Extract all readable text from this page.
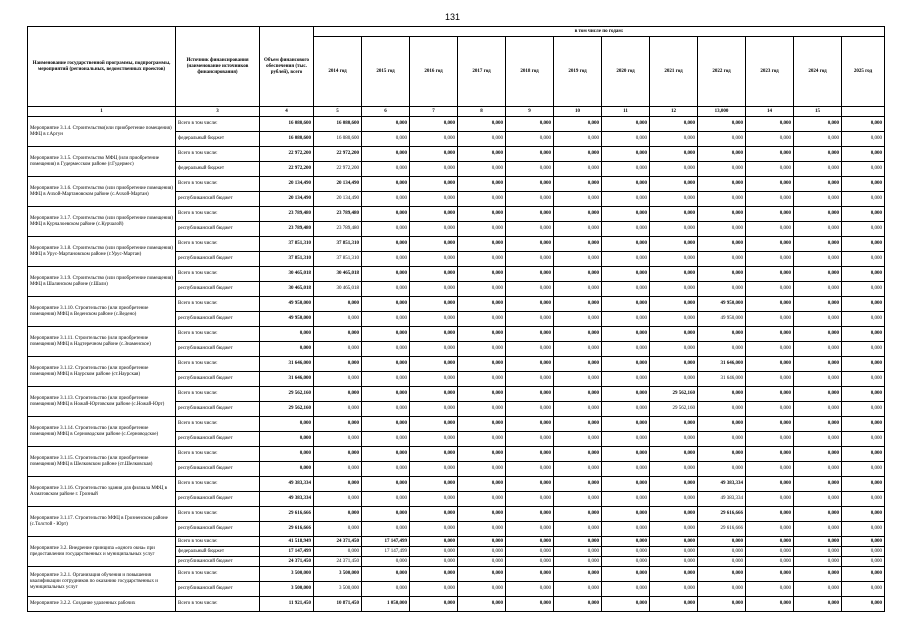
131
Наименование государственной программы, подпрограммы, мероприятий (региональных, ведомственных проектов)	Источник финансирования (наименование источников финансирования)	Объем финансового обеспечения (тыс. рублей), всего	в том числе по годам:											
			2014 год	2015 год	2016 год	2017 год	2018 год	2019 год	2020 год	2021 год	2022 год	2023 год	2024 год	2025 год
1	3	4	5	6	7	8	9	10	11	12	13,000	14	15	
Мероприятие 3.1.4. Строительство(или приобретение помещения) МФЦ в г.Аргун	Всего в том числе:	16 080,600	16 080,600	0,000	0,000	0,000	0,000	0,000	0,000	0,000	0,000	0,000	0,000	0,000
	федеральный бюджет	16 080,600	16 080,600	0,000	0,000	0,000	0,000	0,000	0,000	0,000	0,000	0,000	0,000	0,000
Мероприятие 3.1.5. Строительство МФЦ (или приобретение помещения) в Гудермесском районе (г.Гудермес)	Всего в том числе:	22 972,200	22 972,200	0,000	0,000	0,000	0,000	0,000	0,000	0,000	0,000	0,000	0,000	0,000
	федеральный бюджет	22 972,200	22 972,200	0,000	0,000	0,000	0,000	0,000	0,000	0,000	0,000	0,000	0,000	0,000
Мероприятие 3.1.6. Строительство (или приобретение помещения) МФЦ в Ачхой-Мартановском районе (с.Ачхой-Мартан)	Всего в том числе:	20 134,490	20 134,490	0,000	0,000	0,000	0,000	0,000	0,000	0,000	0,000	0,000	0,000	0,000
	республиканский бюджет	20 134,490	20 134,490	0,000	0,000	0,000	0,000	0,000	0,000	0,000	0,000	0,000	0,000	0,000
Мероприятие 3.1.7. Строительство (или приобретение помещения) МФЦ в Курчалоевском районе (с.Курчалой)	Всего в том числе:	23 789,480	23 789,480	0,000	0,000	0,000	0,000	0,000	0,000	0,000	0,000	0,000	0,000	0,000
	республиканский бюджет	23 789,480	23 789,480	0,000	0,000	0,000	0,000	0,000	0,000	0,000	0,000	0,000	0,000	0,000
Мероприятие 3.1.8. Строительство (или приобретение помещения) МФЦ в Урус-Мартановском районе (г.Урус-Мартан)	Всего в том числе:	37 851,310	37 851,310	0,000	0,000	0,000	0,000	0,000	0,000	0,000	0,000	0,000	0,000	0,000
	республиканский бюджет	37 851,310	37 851,310	0,000	0,000	0,000	0,000	0,000	0,000	0,000	0,000	0,000	0,000	0,000
Мероприятие 3.1.9. Строительство (или приобретение помещения) МФЦ в Шалинском районе (г.Шали)	Всего в том числе:	30 465,018	30 465,018	0,000	0,000	0,000	0,000	0,000	0,000	0,000	0,000	0,000	0,000	0,000
	республиканский бюджет	30 465,018	30 465,018	0,000	0,000	0,000	0,000	0,000	0,000	0,000	0,000	0,000	0,000	0,000
Мероприятие 3.1.10. Строительство (или приобретение помещения) МФЦ в Веденском районе (с.Ведено)	Всего в том числе:	49 950,000	0,000	0,000	0,000	0,000	0,000	0,000	0,000	0,000	49 950,000	0,000	0,000	0,000
	республиканский бюджет	49 950,000	0,000	0,000	0,000	0,000	0,000	0,000	0,000	0,000	49 950,000	0,000	0,000	0,000
Мероприятие 3.1.11. Строительство (или приобретение помещения) МФЦ в Надтеречном районе (с.Знаменское)	Всего в том числе:	0,000	0,000	0,000	0,000	0,000	0,000	0,000	0,000	0,000	0,000	0,000	0,000	0,000
	республиканский бюджет	0,000	0,000	0,000	0,000	0,000	0,000	0,000	0,000	0,000	0,000	0,000	0,000	0,000
Мероприятие 3.1.12. Строительство (или приобретение помещения) МФЦ в Наурском районе (ст.Наурская)	Всего в том числе:	31 646,000	0,000	0,000	0,000	0,000	0,000	0,000	0,000	0,000	31 646,000	0,000	0,000	0,000
	республиканский бюджет	31 646,000	0,000	0,000	0,000	0,000	0,000	0,000	0,000	0,000	31 646,000	0,000	0,000	0,000
Мероприятие 3.1.13. Строительство (или приобретение помещения) МФЦ в Ножай-Юртовском районе (с.Ножай-Юрт)	Всего в том числе:	29 562,160	0,000	0,000	0,000	0,000	0,000	0,000	0,000	29 562,160	0,000	0,000	0,000	0,000
	республиканский бюджет	29 562,160	0,000	0,000	0,000	0,000	0,000	0,000	0,000	29 562,160	0,000	0,000	0,000	0,000
Мероприятие 3.1.14. Строительство (или приобретение помещения) МФЦ в Серноводском районе (с.Серноводское)	Всего в том числе:	0,000	0,000	0,000	0,000	0,000	0,000	0,000	0,000	0,000	0,000	0,000	0,000	0,000
	республиканский бюджет	0,000	0,000	0,000	0,000	0,000	0,000	0,000	0,000	0,000	0,000	0,000	0,000	0,000
Мероприятие 3.1.15. Строительство (или приобретение помещения) МФЦ в Шелковском районе (ст.Шелковская)	Всего в том числе:	0,000	0,000	0,000	0,000	0,000	0,000	0,000	0,000	0,000	0,000	0,000	0,000	0,000
	республиканский бюджет	0,000	0,000	0,000	0,000	0,000	0,000	0,000	0,000	0,000	0,000	0,000	0,000	0,000
Мероприятие 3.1.16. Строительство здания для филиала МФЦ в Ахматовском районе г. Грозный	Всего в том числе:	49 383,334	0,000	0,000	0,000	0,000	0,000	0,000	0,000	0,000	49 383,334	0,000	0,000	0,000
	республиканский бюджет	49 383,334	0,000	0,000	0,000	0,000	0,000	0,000	0,000	0,000	49 383,334	0,000	0,000	0,000
Мероприятие 3.1.17. Строительство МФЦ в Грозненском районе (с.Толстой - Юрт)	Всего в том числе:	29 616,666	0,000	0,000	0,000	0,000	0,000	0,000	0,000	0,000	29 616,666	0,000	0,000	0,000
	республиканский бюджет	29 616,666	0,000	0,000	0,000	0,000	0,000	0,000	0,000	0,000	29 616,666	0,000	0,000	0,000
Мероприятие 3.2. Внедрение принципа «одного окна» при предоставлении государственных и муниципальных услуг	Всего в том числе:	41 518,949	24 371,450	17 147,499	0,000	0,000	0,000	0,000	0,000	0,000	0,000	0,000	0,000	0,000
	федеральный бюджет	17 147,499	0,000	17 147,499	0,000	0,000	0,000	0,000	0,000	0,000	0,000	0,000	0,000	0,000
	республиканский бюджет	24 371,450	24 371,450	0,000	0,000	0,000	0,000	0,000	0,000	0,000	0,000	0,000	0,000	0,000
Мероприятие 3.2.1. Организация обучения и повышения квалификации сотрудников по оказанию государственных и муниципальных услуг	Всего в том числе:	3 500,000	3 500,000	0,000	0,000	0,000	0,000	0,000	0,000	0,000	0,000	0,000	0,000	0,000
	республиканский бюджет	3 500,000	3 500,000	0,000	0,000	0,000	0,000	0,000	0,000	0,000	0,000	0,000	0,000	0,000
Мероприятие 3.2.2. Создание удаленных рабочих	Всего в том числе:	11 921,450	10 871,450	1 050,000	0,000	0,000	0,000	0,000	0,000	0,000	0,000	0,000	0,000	0,000
